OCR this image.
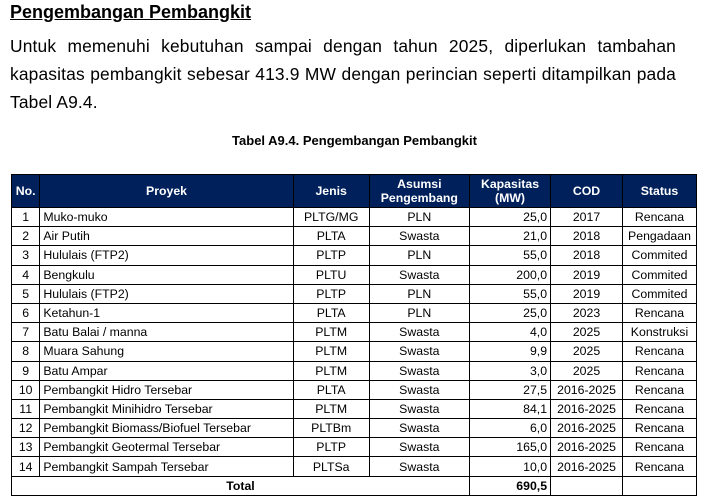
Pengembangan Pembangkit

Untuk memenuhi kebutuhan sampai dengan tahun 2025, diperlukan tambahan kapasitas pembangkit sebesar 413.9 MW dengan perincian seperti ditampilkan pada Tabel A9.4.

Tabel A9.4. Pengembangan Pembangkit

No.	Proyek	Jenis	Asumsi Pengembang	Kapasitas (MW)	COD	Status
1	Muko-muko	PLTG/MG	PLN	25,0	2017	Rencana
2	Air Putih	PLTA	Swasta	21,0	2018	Pengadaan
3	Hululais (FTP2)	PLTP	PLN	55,0	2018	Commited
4	Bengkulu	PLTU	Swasta	200,0	2019	Commited
5	Hululais (FTP2)	PLTP	PLN	55,0	2019	Commited
6	Ketahun-1	PLTA	PLN	25,0	2023	Rencana
7	Batu Balai / manna	PLTM	Swasta	4,0	2025	Konstruksi
8	Muara Sahung	PLTM	Swasta	9,9	2025	Rencana
9	Batu Ampar	PLTM	Swasta	3,0	2025	Rencana
10	Pembangkit Hidro Tersebar	PLTA	Swasta	27,5	2016-2025	Rencana
11	Pembangkit Minihidro Tersebar	PLTM	Swasta	84,1	2016-2025	Rencana
12	Pembangkit Biomass/Biofuel Tersebar	PLTBm	Swasta	6,0	2016-2025	Rencana
13	Pembangkit Geotermal Tersebar	PLTP	Swasta	165,0	2016-2025	Rencana
14	Pembangkit Sampah Tersebar	PLTSa	Swasta	10,0	2016-2025	Rencana
Total				690,5		
